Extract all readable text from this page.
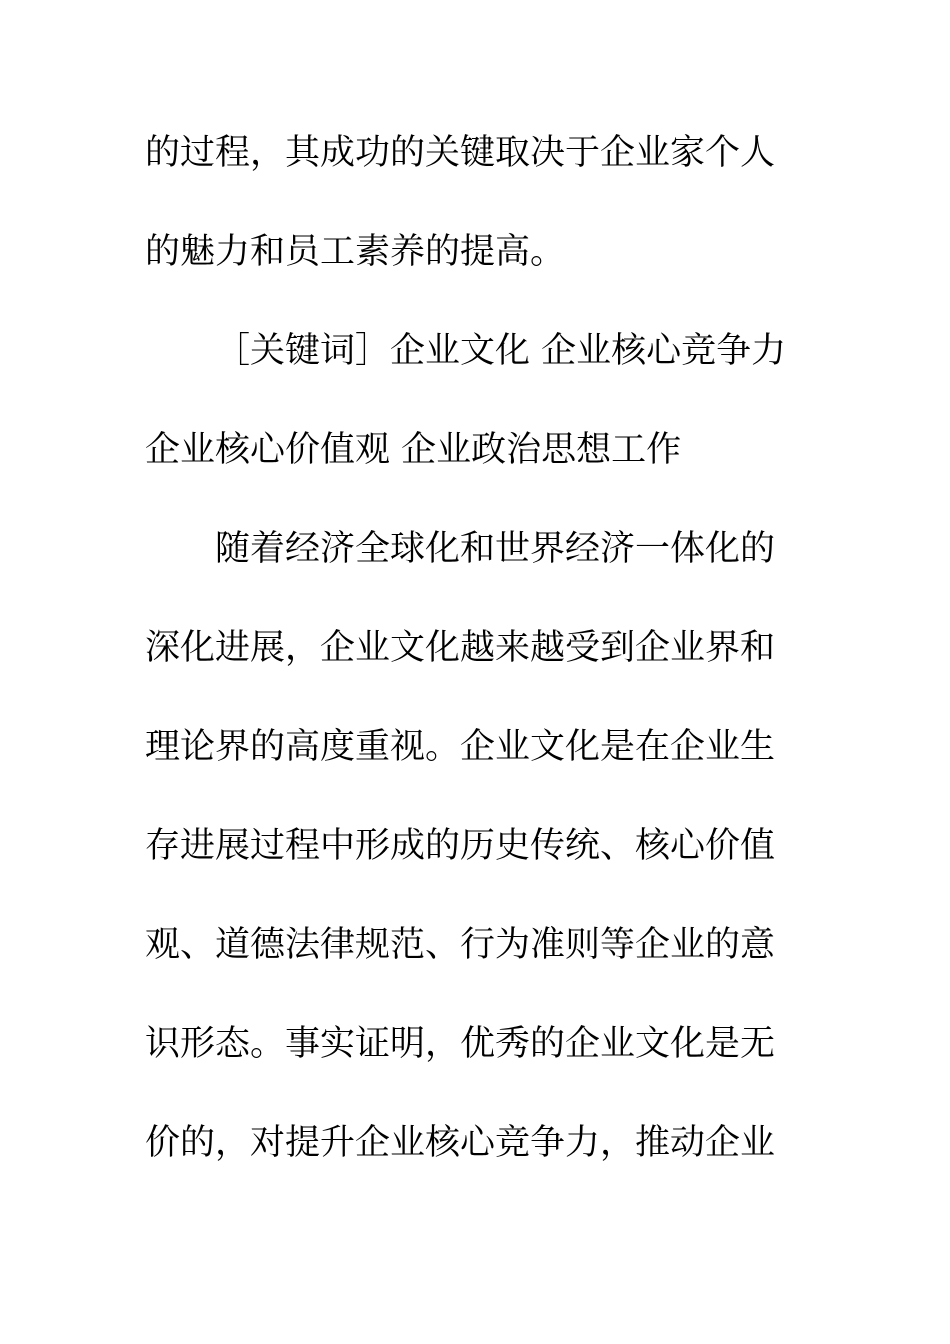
的过程，其成功的关键取决于企业家个人
的魅力和员工素养的提高。
［关键词］企业文化 企业核心竞争力
企业核心价值观 企业政治思想工作
随着经济全球化和世界经济一体化的
深化进展，企业文化越来越受到企业界和
理论界的高度重视。企业文化是在企业生
存进展过程中形成的历史传统、核心价值
观、道德法律规范、行为准则等企业的意
识形态。事实证明，优秀的企业文化是无
价的，对提升企业核心竞争力，推动企业
